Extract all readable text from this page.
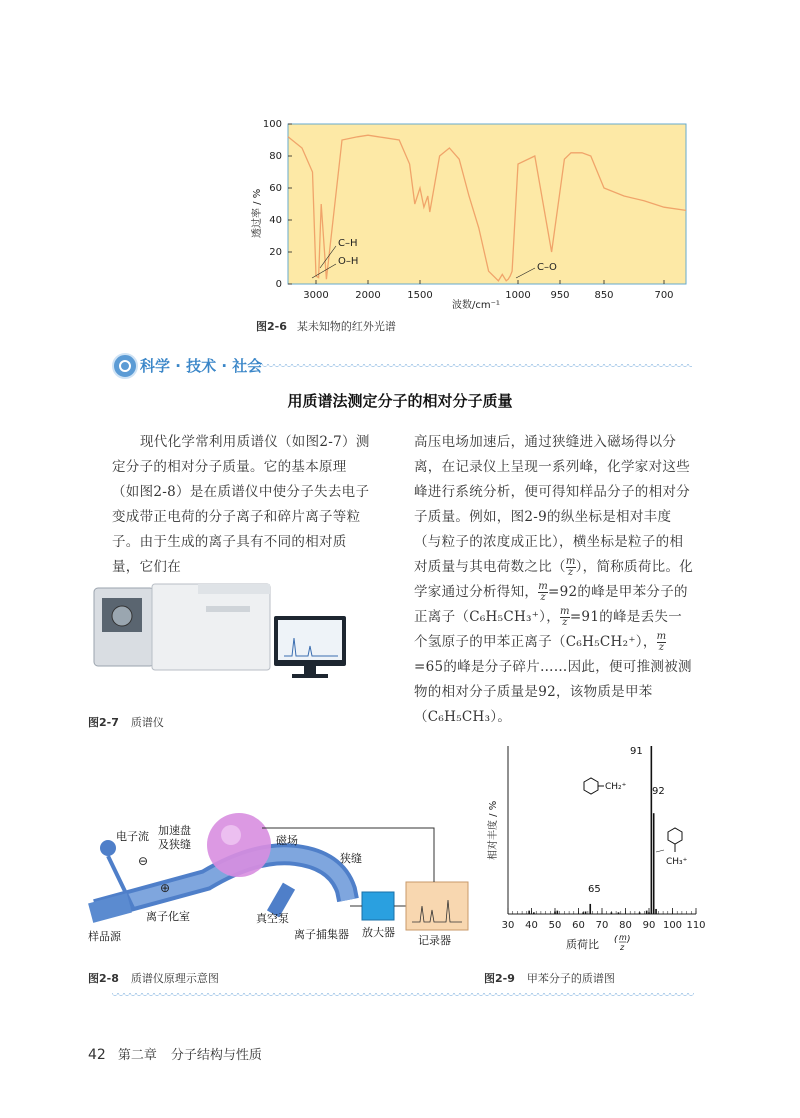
100
80
60
40
20
0
3000	2000	1500	1000 950 850	700
C–H
O–H
C–O
波数/cm⁻¹
透过率 / %
图2-6 某未知物的红外光谱
科学 · 技术 · 社会
用质谱法测定分子的相对分子质量

现代化学常利用质谱仪（如图2-7）测定分子的相对分子质量。它的基本原理（如图2-8）是在质谱仪中使分子失去电子变成带正电荷的分子离子和碎片离子等粒子。由于生成的离子具有不同的相对质量，它们在

高压电场加速后，通过狭缝进入磁场得以分离，在记录仪上呈现一系列峰，化学家对这些峰进行系统分析，便可得知样品分子的相对分子质量。例如，图2-9的纵坐标是相对丰度（与粒子的浓度成正比），横坐标是粒子的相对质量与其电荷数之比（ $\frac{m}{z}$ ），简称质荷比。化学家通过分析得知， $\frac{m}{z} =92$的峰是甲苯分子的正离子（C₆H₅CH₃⁺）， $\frac{m}{z} =91$的峰是丢失一个氢原子的甲苯正离子（C₆H₅CH₂⁺）， $\frac{m}{z}$
=65的峰是分子碎片……因此，便可推测被测物的相对分子质量是92，该物质是甲苯（C₆H₅CH₃）。

图2-7 质谱仪
⊖
⊕
电子流 加速盘
及狭缝	磁场
狭缝
离子化室
样品源
真空泵
离子捕集器 放大器
记录器
图2-8 质谱仪原理示意图
30 40 50 60 70 80 90 100 110
91
92
65
CH₂⁺
CH₃⁺
质荷比 ( m
z
)
相对丰度 / %
图2-9 甲苯分子的质谱图
42 第二章 分子结构与性质
